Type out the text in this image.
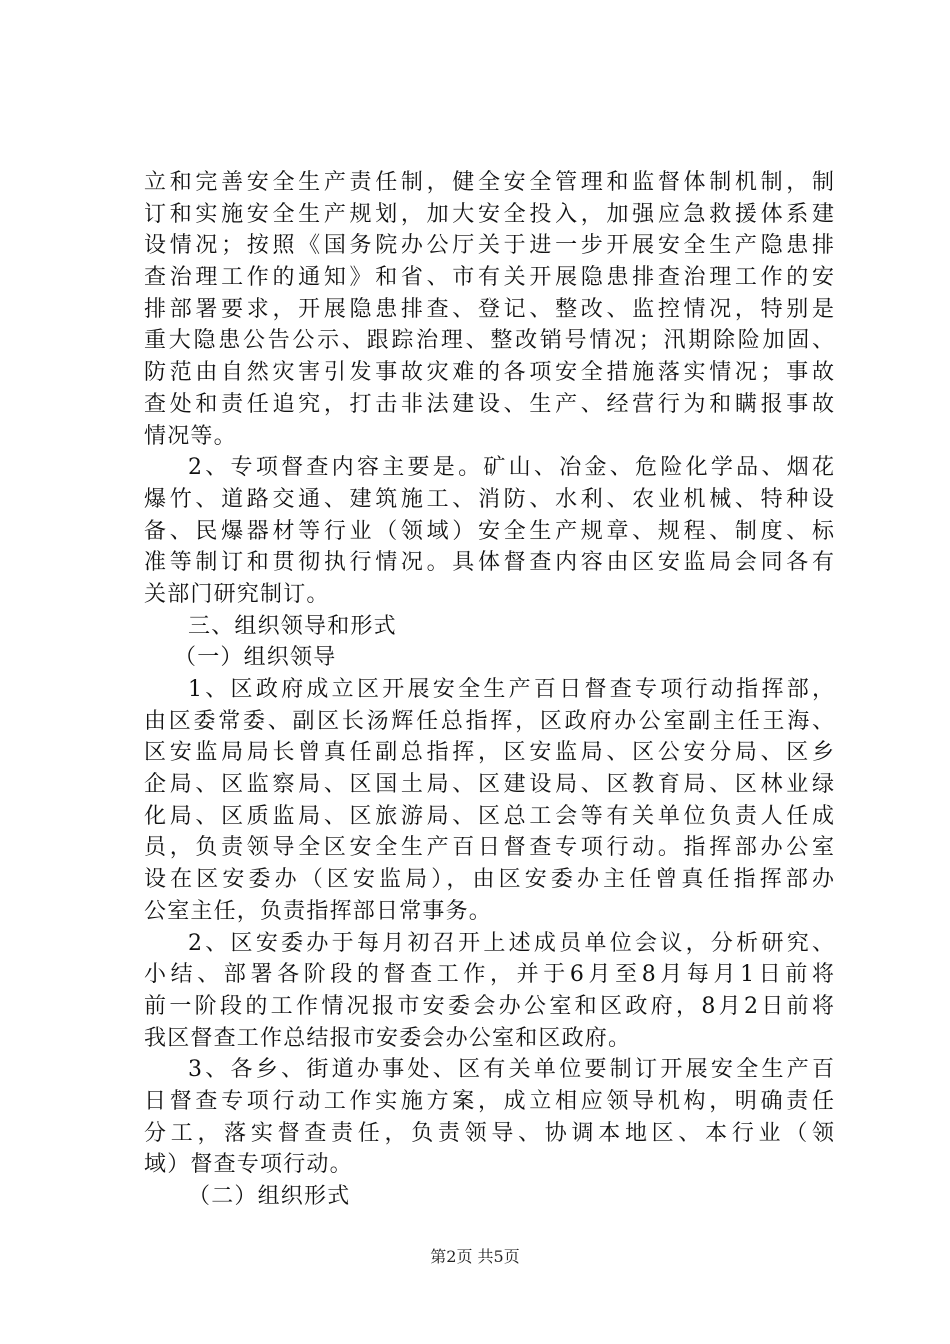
立和完善安全生产责任制，健全安全管理和监督体制机制，制
订和实施安全生产规划，加大安全投入，加强应急救援体系建
设情况；按照《国务院办公厅关于进一步开展安全生产隐患排
查治理工作的通知》和省、市有关开展隐患排查治理工作的安
排部署要求，开展隐患排查、登记、整改、监控情况，特别是
重大隐患公告公示、跟踪治理、整改销号情况；汛期除险加固、
防范由自然灾害引发事故灾难的各项安全措施落实情况；事故
查处和责任追究，打击非法建设、生产、经营行为和瞒报事故
情况等。
2、专项督查内容主要是。矿山、冶金、危险化学品、烟花
爆竹、道路交通、建筑施工、消防、水利、农业机械、特种设
备、民爆器材等行业（领域）安全生产规章、规程、制度、标
准等制订和贯彻执行情况。具体督查内容由区安监局会同各有
关部门研究制订。
三、组织领导和形式
（一）组织领导
1、区政府成立区开展安全生产百日督查专项行动指挥部，
由区委常委、副区长汤辉任总指挥，区政府办公室副主任王海、
区安监局局长曾真任副总指挥，区安监局、区公安分局、区乡
企局、区监察局、区国土局、区建设局、区教育局、区林业绿
化局、区质监局、区旅游局、区总工会等有关单位负责人任成
员，负责领导全区安全生产百日督查专项行动。指挥部办公室
设在区安委办（区安监局），由区安委办主任曾真任指挥部办
公室主任，负责指挥部日常事务。
2、区安委办于每月初召开上述成员单位会议，分析研究、
小结、部署各阶段的督查工作，并于6月至8月每月1日前将
前一阶段的工作情况报市安委会办公室和区政府，8月2日前将
我区督查工作总结报市安委会办公室和区政府。
3、各乡、街道办事处、区有关单位要制订开展安全生产百
日督查专项行动工作实施方案，成立相应领导机构，明确责任
分工，落实督查责任，负责领导、协调本地区、本行业（领
域）督查专项行动。
（二）组织形式
第2页 共5页
